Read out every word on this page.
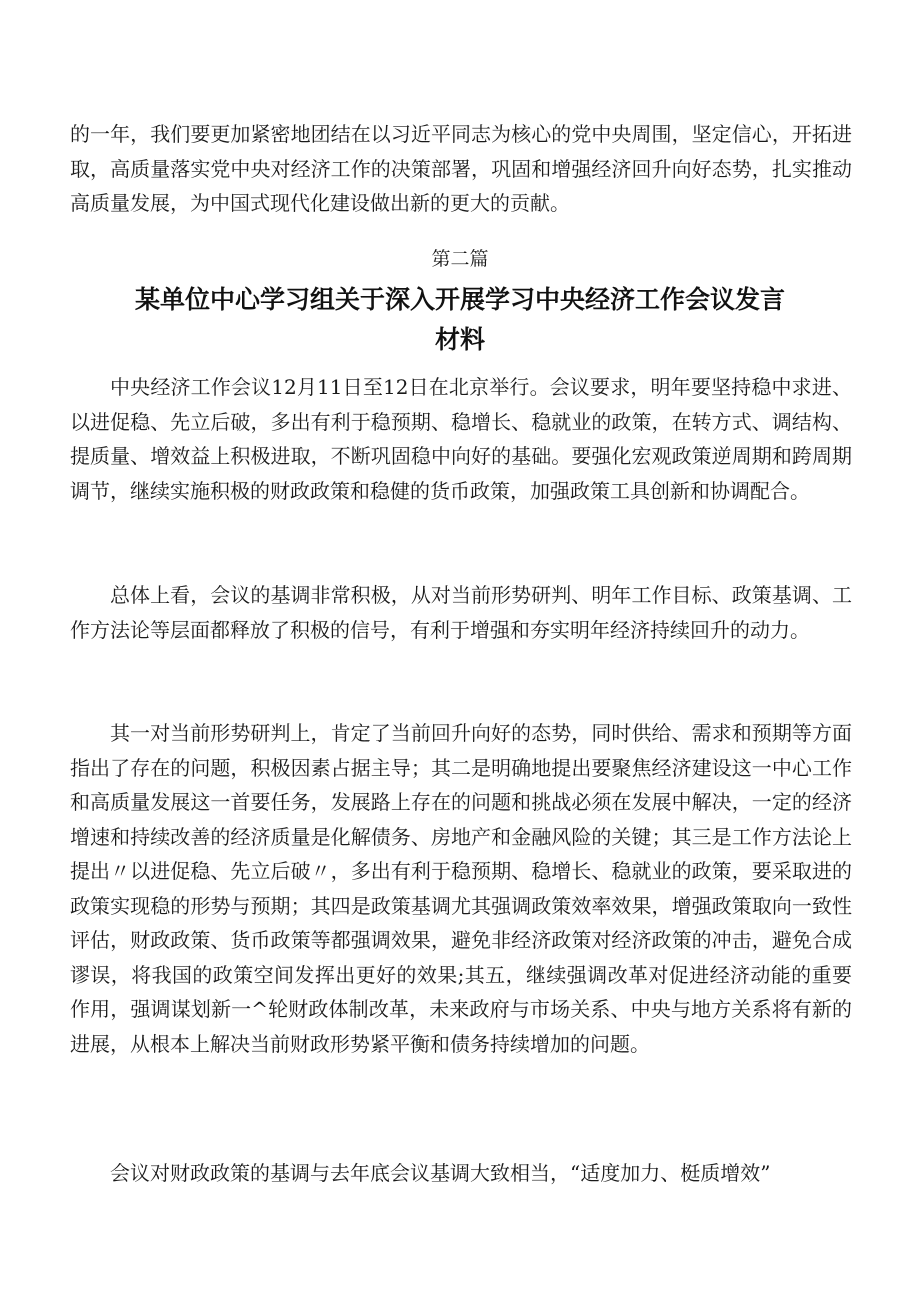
的一年，我们要更加紧密地团结在以习近平同志为核心的党中央周围，坚定信心，开拓进取，高质量落实党中央对经济工作的决策部署，巩固和增强经济回升向好态势，扎实推动高质量发展，为中国式现代化建设做出新的更大的贡献。

第二篇

某单位中心学习组关于深入开展学习中央经济工作会议发言材料

中央经济工作会议12月11日至12日在北京举行。会议要求，明年要坚持稳中求进、以进促稳、先立后破，多出有利于稳预期、稳增长、稳就业的政策，在转方式、调结构、提质量、增效益上积极进取，不断巩固稳中向好的基础。要强化宏观政策逆周期和跨周期调节，继续实施积极的财政政策和稳健的货币政策，加强政策工具创新和协调配合。

总体上看，会议的基调非常积极，从对当前形势研判、明年工作目标、政策基调、工作方法论等层面都释放了积极的信号，有利于增强和夯实明年经济持续回升的动力。

其一对当前形势研判上，肯定了当前回升向好的态势，同时供给、需求和预期等方面指出了存在的问题，积极因素占据主导；其二是明确地提出要聚焦经济建设这一中心工作和高质量发展这一首要任务，发展路上存在的问题和挑战必须在发展中解决，一定的经济增速和持续改善的经济质量是化解债务、房地产和金融风险的关键；其三是工作方法论上提出〃以进促稳、先立后破〃，多出有利于稳预期、稳增长、稳就业的政策，要采取进的政策实现稳的形势与预期；其四是政策基调尤其强调政策效率效果，增强政策取向一致性评估，财政政策、货币政策等都强调效果，避免非经济政策对经济政策的冲击，避免合成谬误，将我国的政策空间发挥出更好的效果;其五，继续强调改革对促进经济动能的重要作用，强调谋划新一^轮财政体制改革，未来政府与市场关系、中央与地方关系将有新的进展，从根本上解决当前财政形势紧平衡和债务持续增加的问题。

会议对财政政策的基调与去年底会议基调大致相当，“适度加力、梃质增效”
